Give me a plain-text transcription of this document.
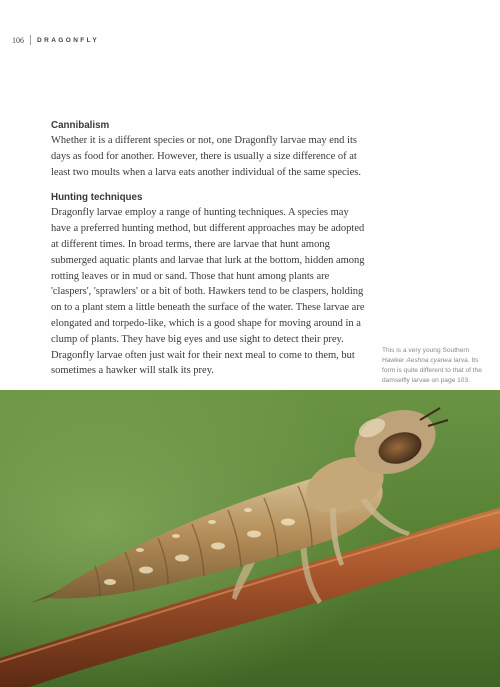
106 DRAGONFLY
Cannibalism

Whether it is a different species or not, one Dragonfly larvae may end its days as food for another. However, there is usually a size difference of at least two moults when a larva eats another individual of the same species.

Hunting techniques

Dragonfly larvae employ a range of hunting techniques. A species may have a preferred hunting method, but different approaches may be adopted at different times. In broad terms, there are larvae that hunt among submerged aquatic plants and larvae that lurk at the bottom, hidden among rotting leaves or in mud or sand. Those that hunt among plants are 'claspers', 'sprawlers' or a bit of both. Hawkers tend to be claspers, holding on to a plant stem a little beneath the surface of the water. These larvae are elongated and torpedo-like, which is a good shape for moving around in a clump of plants. They have big eyes and use sight to detect their prey. Dragonfly larvae often just wait for their next meal to come to them, but sometimes a hawker will stalk its prey.

This is a very young Southern Hawker Aeshna cyanea larva. Its form is quite different to that of the damselfly larvae on page 103.
